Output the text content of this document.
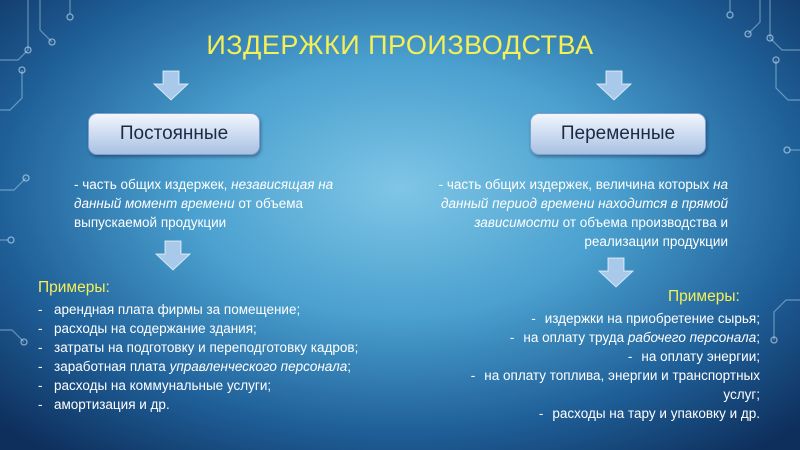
ИЗДЕРЖКИ ПРОИЗВОДСТВА
Постоянные	Переменные
- часть общих издержек, независящая на данный момент времени от объема выпускаемой продукции
- часть общих издержек, величина которых на данный период времени находится в прямой зависимости от объема производства и реализации продукции
Примеры:
Примеры:
- арендная плата фирмы за помещение;
- расходы на содержание здания;
- затраты на подготовку и переподготовку кадров;
- заработная плата управленческого персонала;
- расходы на коммунальные услуги;
- амортизация и др.
- издержки на приобретение сырья;
- на оплату труда рабочего персонала;
- на оплату энергии;
- на оплату топлива, энергии и транспортных услуг;
- расходы на тару и упаковку и др.
